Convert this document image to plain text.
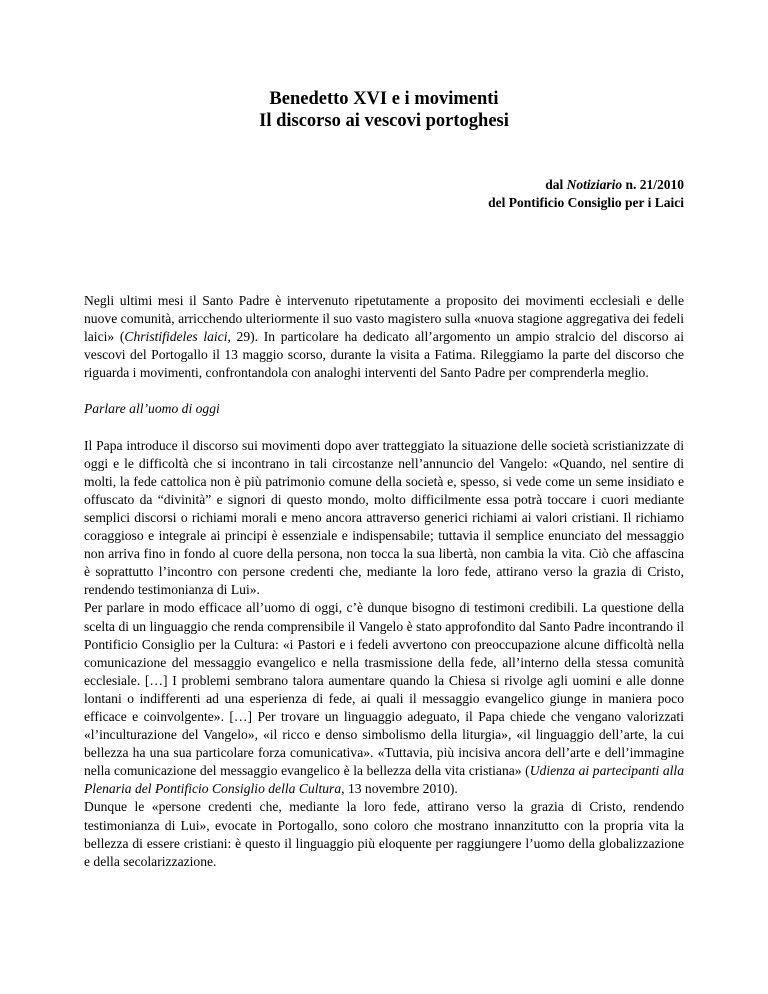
Benedetto XVI e i movimenti
Il discorso ai vescovi portoghesi
dal Notiziario n. 21/2010
del Pontificio Consiglio per i Laici

Negli ultimi mesi il Santo Padre è intervenuto ripetutamente a proposito dei movimenti ecclesiali e delle nuove comunità, arricchendo ulteriormente il suo vasto magistero sulla «nuova stagione aggregativa dei fedeli laici» (Christifideles laici, 29). In particolare ha dedicato all’argomento un ampio stralcio del discorso ai vescovi del Portogallo il 13 maggio scorso, durante la visita a Fatima. Rileggiamo la parte del discorso che riguarda i movimenti, confrontandola con analoghi interventi del Santo Padre per comprenderla meglio.

Parlare all’uomo di oggi

Il Papa introduce il discorso sui movimenti dopo aver tratteggiato la situazione delle società scristianizzate di oggi e le difficoltà che si incontrano in tali circostanze nell’annuncio del Vangelo: «Quando, nel sentire di molti, la fede cattolica non è più patrimonio comune della società e, spesso, si vede come un seme insidiato e offuscato da “divinità” e signori di questo mondo, molto difficilmente essa potrà toccare i cuori mediante semplici discorsi o richiami morali e meno ancora attraverso generici richiami ai valori cristiani. Il richiamo coraggioso e integrale ai principi è essenziale e indispensabile; tuttavia il semplice enunciato del messaggio non arriva fino in fondo al cuore della persona, non tocca la sua libertà, non cambia la vita. Ciò che affascina è soprattutto l’incontro con persone credenti che, mediante la loro fede, attirano verso la grazia di Cristo, rendendo testimonianza di Lui».

Per parlare in modo efficace all’uomo di oggi, c’è dunque bisogno di testimoni credibili. La questione della scelta di un linguaggio che renda comprensibile il Vangelo è stato approfondito dal Santo Padre incontrando il Pontificio Consiglio per la Cultura: «i Pastori e i fedeli avvertono con preoccupazione alcune difficoltà nella comunicazione del messaggio evangelico e nella trasmissione della fede, all’interno della stessa comunità ecclesiale. […] I problemi sembrano talora aumentare quando la Chiesa si rivolge agli uomini e alle donne lontani o indifferenti ad una esperienza di fede, ai quali il messaggio evangelico giunge in maniera poco efficace e coinvolgente». […] Per trovare un linguaggio adeguato, il Papa chiede che vengano valorizzati «l’inculturazione del Vangelo», «il ricco e denso simbolismo della liturgia», «il linguaggio dell’arte, la cui bellezza ha una sua particolare forza comunicativa». «Tuttavia, più incisiva ancora dell’arte e dell’immagine nella comunicazione del messaggio evangelico è la bellezza della vita cristiana» (Udienza ai partecipanti alla Plenaria del Pontificio Consiglio della Cultura, 13 novembre 2010).

Dunque le «persone credenti che, mediante la loro fede, attirano verso la grazia di Cristo, rendendo testimonianza di Lui», evocate in Portogallo, sono coloro che mostrano innanzitutto con la propria vita la bellezza di essere cristiani: è questo il linguaggio più eloquente per raggiungere l’uomo della globalizzazione e della secolarizzazione.
